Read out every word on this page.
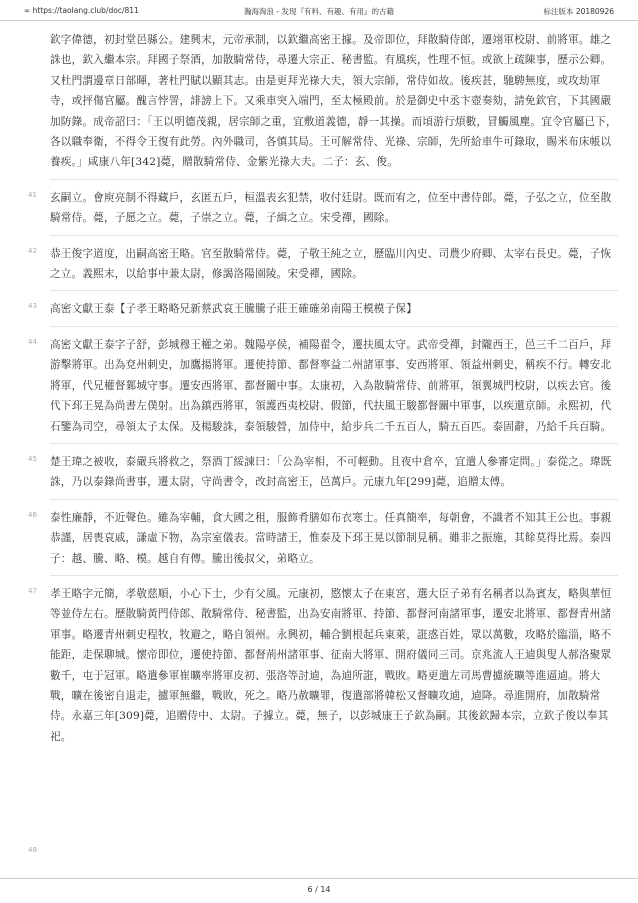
∞ https://taolang.club/doc/811	瀚海淘浪 - 发现『有料、有趣、有用』的古籍	标注版本 20180926
欽字偉德，初封堂邑縣公。建興末，元帝承制，以欽繼高密王據。及帝即位，拜散騎侍郎，遷翊軍校尉、前將軍。雄之誅也，欽入繼本宗。拜國子祭酒，加散騎常侍，尋遷大宗正、秘書監。有風疾，性理不恒。或欲上疏陳事，歷示公卿。又杜門謂邊章日部暉，著杜門賦以顯其志。由是更拜光祿大夫，領大宗師，常侍如故。後疾甚，馳騁無度，或攻劫軍寺，或抨傷官屬。醜言悖詈，誹謗上下。又乘車突入端門，至太極殿前。於是御史中丞卞壺奏劾，請免欽官，下其國嚴加防錄。成帝詔曰：「王以明德茂親，居宗師之重，宜敷道義德，靜一其操。而頃游行煩數，冒觸風塵。宜令官屬已下，各以職奉衛，不得令王復有此勞。內外職司，各慎其局。王可解常侍、光祿、宗師，先所給車牛可錄取，賜米布床帳以養疾。」咸康八年[342]薨，贈散騎常侍、金紫光祿大夫。二子：玄、俊。
41	玄嗣立。會庾亮制不得藏戶，玄匿五戶，桓溫表玄犯禁，收付廷尉。既而宥之，位至中書侍郎。薨，子弘之立，位至散騎常侍。薨，子愿之立。薨，子崇之立。薨，子緝之立。宋受禪，國除。
42	恭王俊字道度，出嗣高密王略。官至散騎常侍。薨，子敬王純之立，歷臨川內史、司農少府卿、太宰右長史。薨，子恢之立。義熙末，以給事中兼太尉，修謁洛陽園陵。宋受禪，國除。
43	高密文獻王泰【子孝王略略兄新蔡武哀王騰騰子莊王確確弟南陽王模模子保】
44	高密文獻王泰字子舒，彭城穆王權之弟。魏陽亭侯，補陽翟令，遷扶風太守。武帝受禪，封隴西王，邑三千二百戶，拜游擊將軍。出為兗州刺史，加鷹揚將軍。遷使持節、都督寧益二州諸軍事、安西將軍、領益州刺史，稱疾不行。轉安北將軍，代兄權督鄴城守事。遷安西將軍、都督關中事。太康初，入為散騎常侍、前將軍，領翼城門校尉，以疾去官。後代下邳王晃為尚書左僕射。出為鎮西將軍，領護西夷校尉、假節，代扶風王駿都督關中軍事，以疾還京師。永熙初，代石鑒為司空，尋領太子太保。及楊駿誅，泰領駿營，加侍中，給步兵二千五百人，騎五百匹。泰固辭，乃給千兵百騎。
45	楚王瑋之被收，泰嚴兵將救之，祭酒丁綏諫曰：「公為宰相，不可輕動。且夜中倉卒，宜遣人參審定問。」泰從之。瑋既誅，乃以泰錄尚書事，遷太尉，守尚書令，改封高密王，邑萬戶。元康九年[299]薨，追贈太傅。
46	泰性廉靜，不近聲色。雖為宰輔，食大國之租，服飾肴膳如布衣寒士。任真簡率，每朝會，不識者不知其王公也。事親恭謹，居喪哀戚，謙虛下物，為宗室儀表。當時諸王，惟泰及下邳王晃以節制見稱。雖非之振施，其餘莫得比焉。泰四子：越、騰、略、模。越自有傳。騰出後叔父，弟略立。
47	孝王略字元簡，孝敬慈順，小心下士，少有父風。元康初，愍懷太子在東宮，選大臣子弟有名稱者以為賓友，略與華恒等並侍左右。歷散騎黃門侍郎、散騎常侍、秘書監，出為安南將軍、持節、都督河南諸軍事，遷安北將軍、都督青州諸軍事。略遷青州刺史程牧，牧避之，略自領州。永興初，輔合劉根起兵東萊，誑惑百姓，眾以萬數，攻略於臨淄，略不能距，走保聊城。懷帝即位，遷使持節、都督荊州諸軍事、征南大將軍、開府儀同三司。京兆流人王逌與叟人郝洛聚眾數千，屯于冠軍。略遣參軍崔曠率將軍皮初、張洛等討逌，為逌所誑，戰敗。略更遣左司馬曹攄統曠等進逼逌。將大戰，曠在後密自退走，攄軍無繼，戰敗，死之。略乃赦曠罪，復遣部將韓松又督曠攻逌，逌降。尋進開府，加散騎常侍。永嘉三年[309]薨，追贈侍中、太尉。子據立。薨，無子，以彭城康王子欽為嗣。其後欽歸本宗，立欽子俊以奉其祀。
48
6 / 14
